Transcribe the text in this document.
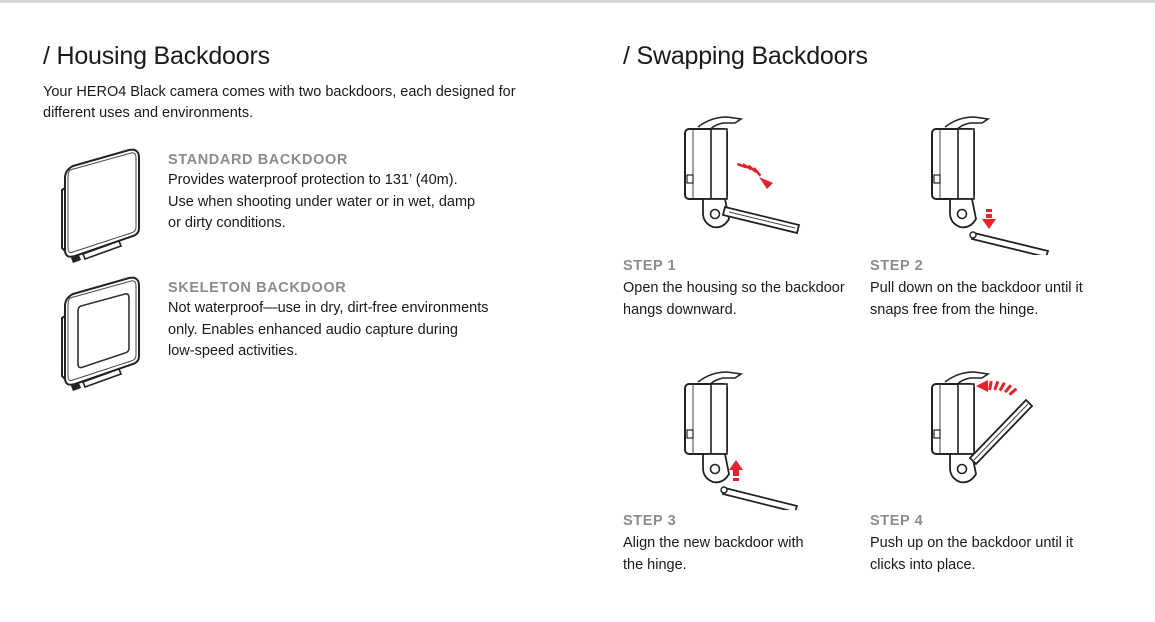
/ Housing Backdoors
Your HERO4 Black camera comes with two backdoors, each designed for different uses and environments.
STANDARD BACKDOOR
Provides waterproof protection to 131’ (40m).
Use when shooting under water or in wet, damp
or dirty conditions.
SKELETON BACKDOOR
Not waterproof—use in dry, dirt-free environments
only. Enables enhanced audio capture during
low-speed activities.
/ Swapping Backdoors
STEP 1
Open the housing so the backdoor
hangs downward.
STEP 2
Pull down on the backdoor until it
snaps free from the hinge.
STEP 3
Align the new backdoor with
the hinge.
STEP 4
Push up on the backdoor until it
clicks into place.
